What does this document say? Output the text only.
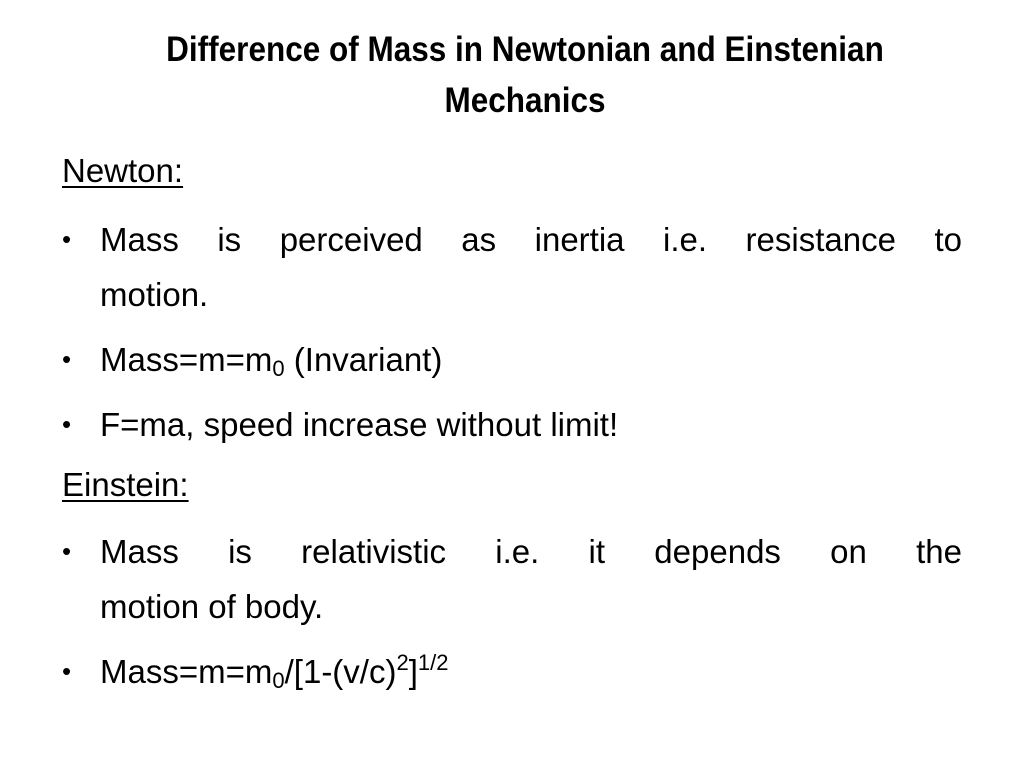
Difference of Mass in Newtonian and Einstenian Mechanics
Newton:
• Mass is perceived as inertia i.e. resistance to
motion.
• $Mass=m=m_0$ (Invariant)
• F=ma, speed increase without limit!
Einstein:
• Mass is relativistic i.e. it depends on the
motion of body.
• $Mass=m=m_0/[1-(v/c)^2]^{1/2}$
